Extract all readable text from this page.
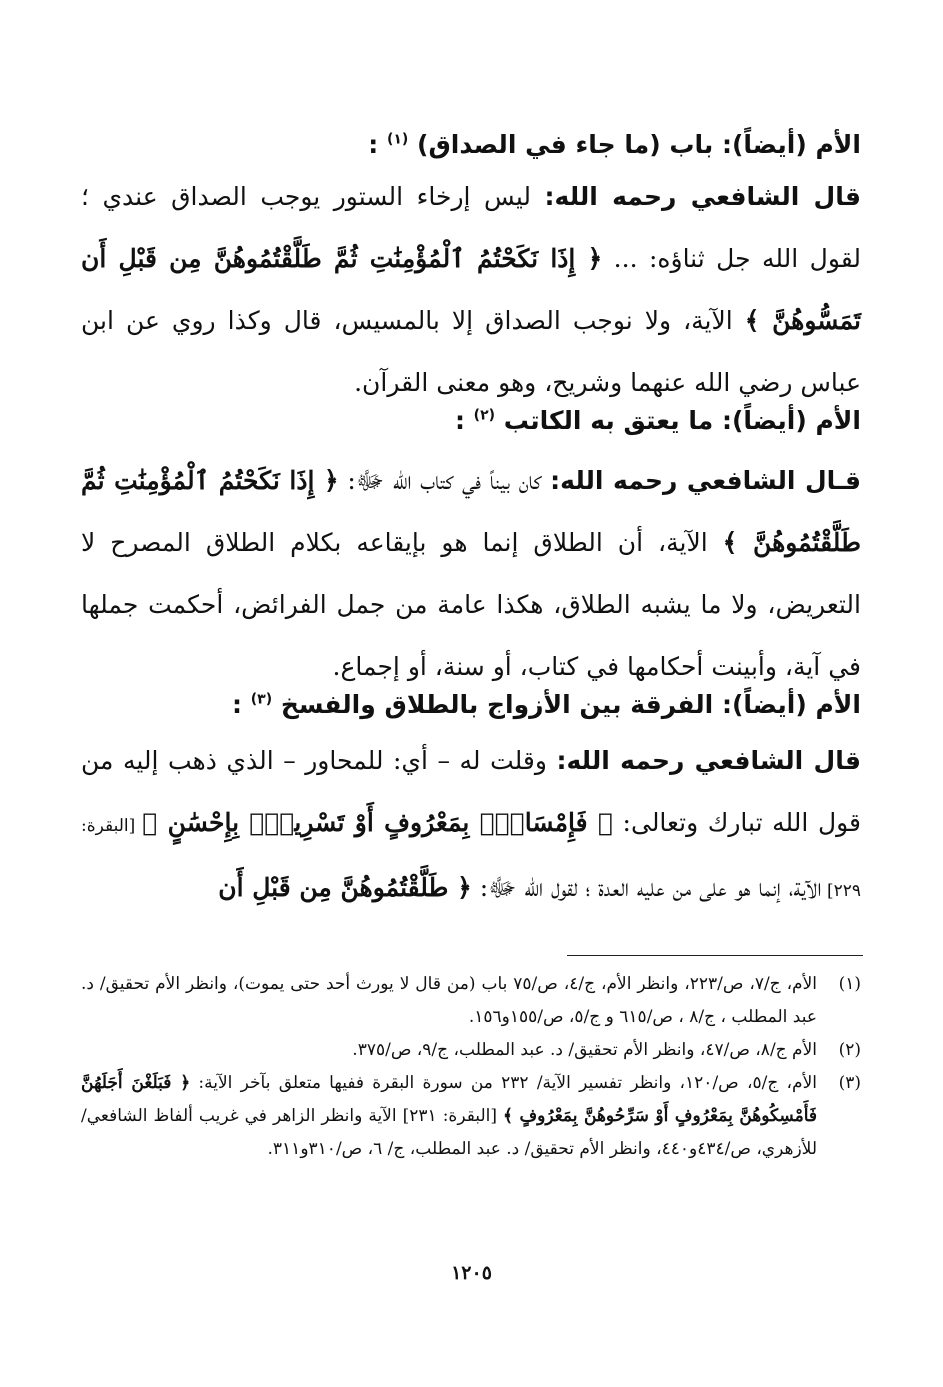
الأم (أيضاً): باب (ما جاء في الصداق) $^{(١)}$ :
قال الشافعي رحمه الله: ليس إرخاء الستور يوجب الصداق عندي ؛ لقول الله جل ثناؤه: ... ﴿ إِذَا نَكَحْتُمُ ٱلْمُؤْمِنَٰتِ ثُمَّ طَلَّقْتُمُوهُنَّ مِن قَبْلِ أَن تَمَسُّوهُنَّ ﴾ الآية، ولا نوجب الصداق إلا بالمسيس، قال وكذا روي عن ابن عباس رضي الله عنهما وشريح، وهو معنى القرآن.
الأم (أيضاً): ما يعتق به الكاتب $^{(٢)}$ :
قـال الشافعي رحمه الله: كان بيناً في كتاب الله ﷻ: ﴿ إِذَا نَكَحْتُمُ ٱلْمُؤْمِنَٰتِ ثُمَّ طَلَّقْتُمُوهُنَّ ﴾ الآية، أن الطلاق إنما هو بإيقاعه بكلام الطلاق المصرح لا التعريض، ولا ما يشبه الطلاق، هكذا عامة من جمل الفرائض، أحكمت جملها في آية، وأبينت أحكامها في كتاب، أو سنة، أو إجماع.
الأم (أيضاً): الفرقة بين الأزواج بالطلاق والفسخ $^{(٣)}$ :
قال الشافعي رحمه الله: وقلت له – أي: للمحاور – الذي ذهب إليه من قول الله تبارك وتعالى: ﴿ فَإِمْسَاكٌۢ بِمَعْرُوفٍ أَوْ تَسْرِيحٌۢ بِإِحْسَٰنٍ ﴾ [البقرة: ٢٢٩] الآية، إنما هو على من عليه العدة ؛ لقول الله ﷻ: ﴿ طَلَّقْتُمُوهُنَّ مِن قَبْلِ أَن
(١)
الأم، ج/٧، ص/٢٢٣، وانظر الأم، ج/٤، ص/٧٥ باب (من قال لا يورث أحد حتى يموت)، وانظر الأم تحقيق/ د. عبد المطلب ، ج/٨ ، ص/٦١٥ و ج/٥، ص/١٥٥و١٥٦.
(٢)
الأم ج/٨، ص/٤٧، وانظر الأم تحقيق/ د. عبد المطلب، ج/٩، ص/٣٧٥.
(٣)
الأم، ج/٥، ص/١٢٠، وانظر تفسير الآية/ ٢٣٢ من سورة البقرة ففيها متعلق بآخر الآية: ﴿ فَبَلَغْنَ أَجَلَهُنَّ فَأَمْسِكُوهُنَّ بِمَعْرُوفٍ أَوْ سَرِّحُوهُنَّ بِمَعْرُوفٍ ﴾ [البقرة: ٢٣١] الآية وانظر الزاهر في غريب ألفاظ الشافعي/ للأزهري، ص/٤٣٤و٤٤٠، وانظر الأم تحقيق/ د. عبد المطلب، ج/ ٦، ص/٣١٠و٣١١.
١٢٠٥
